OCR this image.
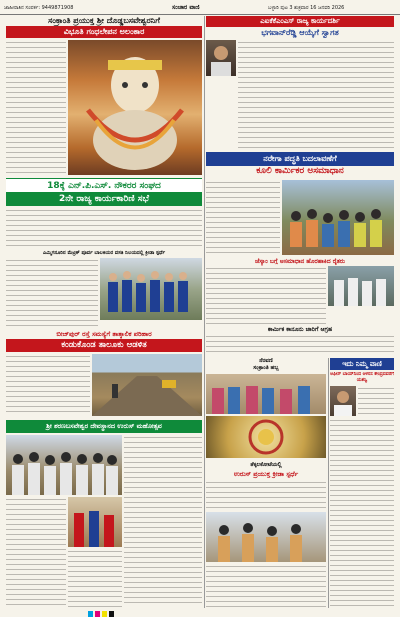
ಜಾಹೀರಾತಿನ ಸಂಪರ್ಕ: 9449871908	ಸಂಚಾರ ವಾಣಿ	ಬಳ್ಳಾರಿ ಪುಟ 3 ಶುಕ್ರವಾರ 16 ಜನವರಿ 2026
ಸಂಕ್ರಾಂತಿ ಪ್ರಯುಕ್ತ ಶ್ರೀ ದೊಡ್ಡಬಸವೇಶ್ವರನಿಗೆ
ವಿಭೂತಿ ಗಂಧಲೇಪನ ಅಲಂಕಾರ
ಎಐಕೆಕೆಎಂಎಸ್ ರಾಜ್ಯ ಕಾರ್ಯದರ್ಶಿ
ಭಗವಾನ್‌ರೆಡ್ಡಿ ಆಯ್ಕೆಗೆ ಸ್ವಾಗತ
ನರೇಗಾ ಪದ್ಧತಿ ಬದಲಾವಣೆಗೆ
ಕೂಲಿ ಕಾರ್ಮಿಕರ ಅಸಮಾಧಾನ
18ಕ್ಕೆ ಎನ್.ಪಿ.ಎಸ್. ನೌಕರರ ಸಂಘದ
2ನೇ ರಾಜ್ಯ ಕಾರ್ಯಕಾರಿಣಿ ಸಭೆ
ಎಮ್ಮಿಗನೂರಿನ ಮೆಟ್ರಿಕ್ ಪೂರ್ವ ಬಾಲಕಿಯರ ವಸತಿ ನಿಲಯದಲ್ಲಿ ಕ್ರೀಡಾ ಸ್ಪರ್ಧೆ
ಜೆಸ್ಕಾಂ ಬಗ್ಗೆ ಅಸಮಾಧಾನ ಹೊರಹಾಕಿದ ರೈತರು
ಕಾರ್ಮಿಕ ಕಾನೂನು ಜಾರಿಗೆ ಆಗ್ರಹ
ಬೀಜ್‌ಪುರ್ ರಸ್ತೆ ಸಮಸ್ಯೆಗೆ ತಾತ್ಕಾಲಿಕ ಪರಿಹಾರ
ಕಂಡುಕೊಂಡ ತಾಲೂಕು ಆಡಳಿತ
ನೆರವಣಿ
ಸಂಕ್ರಾಂತಿ ಹಬ್ಬ	ಇದು ನಿಮ್ಮ ವಾಣಿ
ಆಫೀಸ್ ಬಾಯ್‌ನಿಂದ ಆಳರಸ ಕೇಂದ್ರದವರೆಗೆ ಯಶಸ್ವಿ
ಶ್ರೀ ಶರಣಬಸವೇಶ್ವರ ದೇವಸ್ಥಾನದ ಉರುಸ್ ಮಹೋತ್ಸವ
ತೆಕ್ಕಲಕೋಟೆಯಲ್ಲಿ
ಉರುಸ್ ಪ್ರಯುಕ್ತ ಕ್ರೀಡಾ ಸ್ಪರ್ಧೆ
